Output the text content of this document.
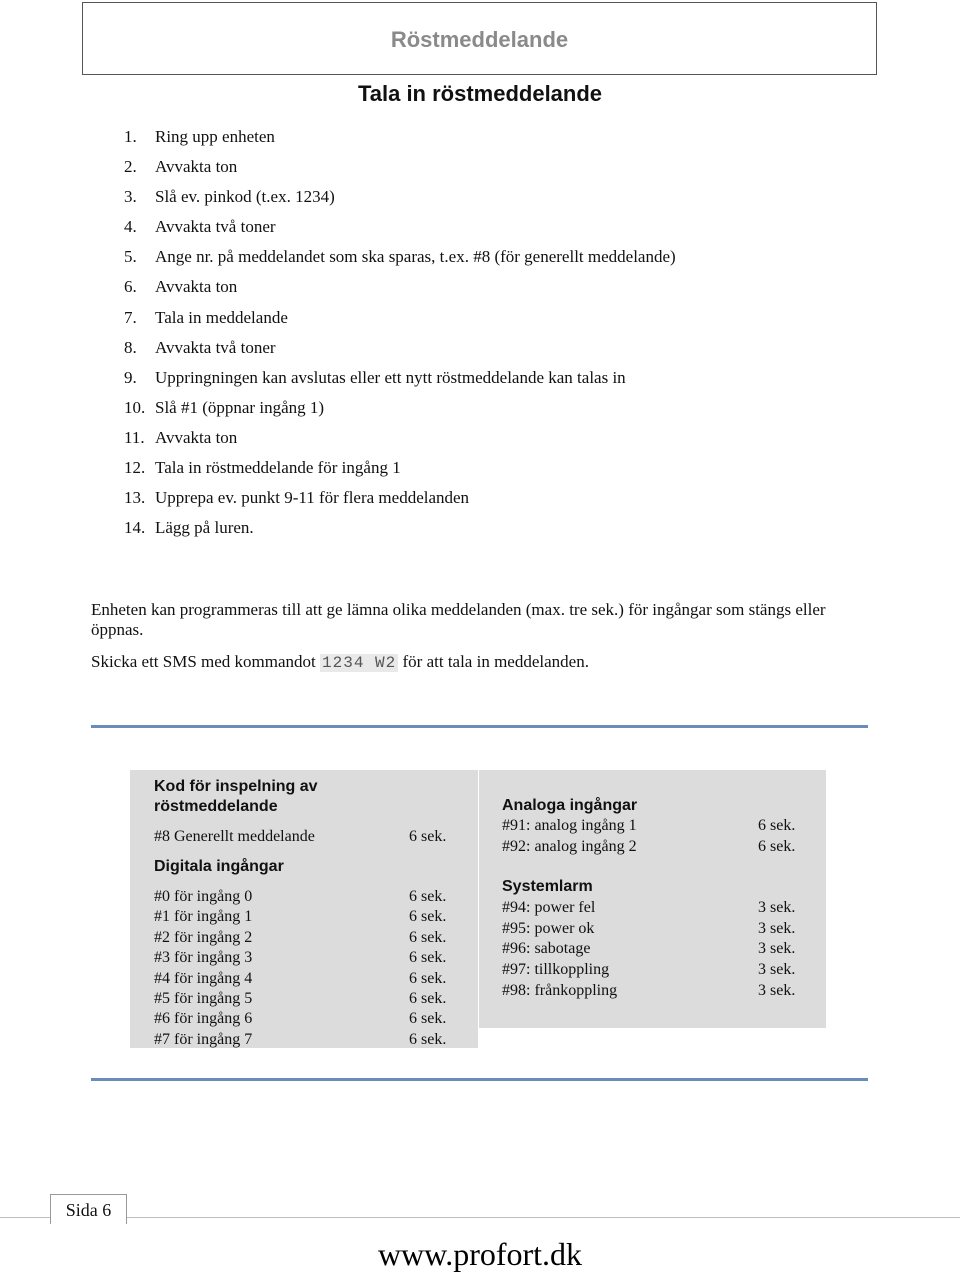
Röstmeddelande
Tala in röstmeddelande
1.	Ring upp enheten
2.	Avvakta ton
3.	Slå ev. pinkod (t.ex. 1234)
4.	Avvakta två toner
5.	Ange nr. på meddelandet som ska sparas, t.ex. #8 (för generellt meddelande)
6.	Avvakta ton
7.	Tala in meddelande
8.	Avvakta två toner
9.	Uppringningen kan avslutas eller ett nytt röstmeddelande kan talas in
10. Slå #1 (öppnar ingång 1)
11. Avvakta ton
12. Tala in röstmeddelande för ingång 1
13. Upprepa ev. punkt 9-11 för flera meddelanden
14. Lägg på luren.

Enheten kan programmeras till att ge lämna olika meddelanden (max. tre sek.) för ingångar som stängs eller öppnas.

Skicka ett SMS med kommandot 1234 W2 för att tala in meddelanden.

Kod för inspelning av
röstmeddelande
#8 Generellt meddelande	6 sek.
Digitala ingångar
#0 för ingång 0	6 sek.
#1 för ingång 1	6 sek.
#2 för ingång 2	6 sek.
#3 för ingång 3	6 sek.
#4 för ingång 4	6 sek.
#5 för ingång 5	6 sek.
#6 för ingång 6	6 sek.
#7 för ingång 7	6 sek.
Analoga ingångar
#91: analog ingång 1	6 sek.
#92: analog ingång 2	6 sek.
Systemlarm
#94: power fel	3 sek.
#95: power ok	3 sek.
#96: sabotage	3 sek.
#97: tillkoppling	3 sek.
#98: frånkoppling	3 sek.
Sida 6
www.profort.dk
